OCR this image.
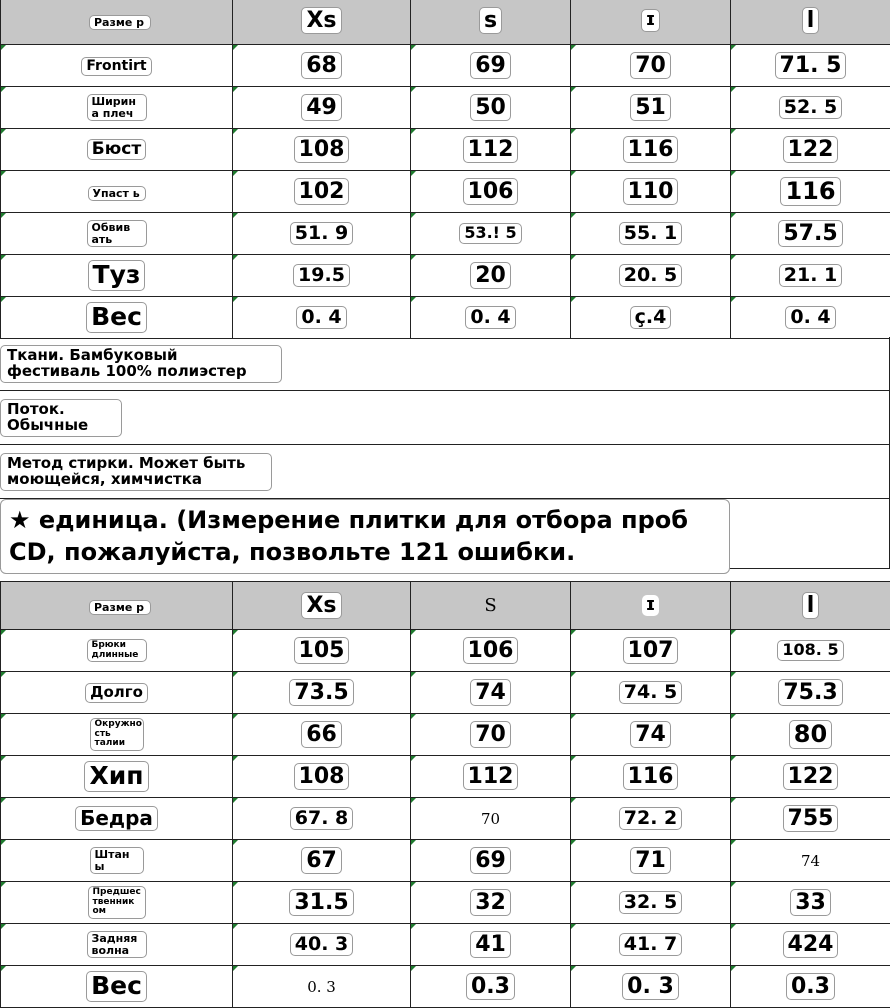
Разме р	Xs	s	ɪ	l
Frontirt	68	69	70	71. 5
Ширин а плеч	49	50	51	52. 5
Бюст	108	112	116	122
Упаст ь	102	106	110	116
Обвив ать	51. 9	53.! 5	55. 1	57.5
Туз	19.5	20	20. 5	21. 1
Вес	0. 4	0. 4	ç.4	0. 4
Ткани. Бамбуковый фестиваль 100% полиэстер
Поток. Обычные
Метод стирки. Может быть моющейся, химчистка
★ единица. (Измерение плитки для отбора проб CD, пожалуйста, позвольте 121 ошибки.
Разме р	Xs	S	ɪ	l
Брюки длинные	105	106	107	108. 5
Долго	73.5	74	74. 5	75.3
Окружно сть талии	66	70	74	80
Хип	108	112	116	122
Бедра	67. 8	70	72. 2	755
Штан ы	67	69	71	74
Предшес твенник ом	31.5	32	32. 5	33
Задняя волна	40. 3	41	41. 7	424
Вес	0. 3	0.3	0. 3	0.3
